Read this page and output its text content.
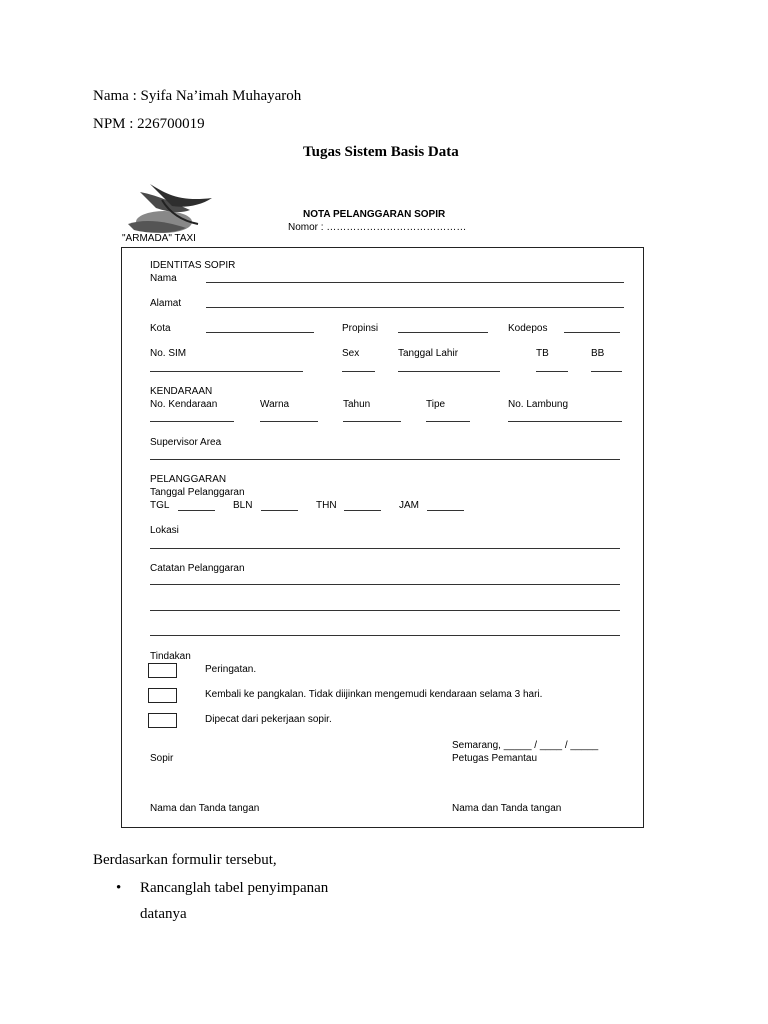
Nama : Syifa Na’imah Muhayaroh
NPM : 226700019
Tugas Sistem Basis Data
"ARMADA" TAXI
NOTA PELANGGARAN SOPIR
Nomor : ……………………………………
IDENTITAS SOPIR
Nama
Alamat
Kota	Propinsi	Kodepos
No. SIM	Sex	Tanggal Lahir	TB	BB
KENDARAAN
No. Kendaraan	Warna	Tahun	Tipe	No. Lambung
Supervisor Area
PELANGGARAN
Tanggal Pelanggaran
TGL	BLN	THN	JAM
Lokasi
Catatan Pelanggaran
Tindakan
Peringatan.
Kembali ke pangkalan. Tidak diijinkan mengemudi kendaraan selama 3 hari.
Dipecat dari pekerjaan sopir.
Semarang, _____ / ____ / _____
Sopir	Petugas Pemantau
Nama dan Tanda tangan	Nama dan Tanda tangan
Berdasarkan formulir tersebut,
• Rancanglah tabel penyimpanan
datanya
